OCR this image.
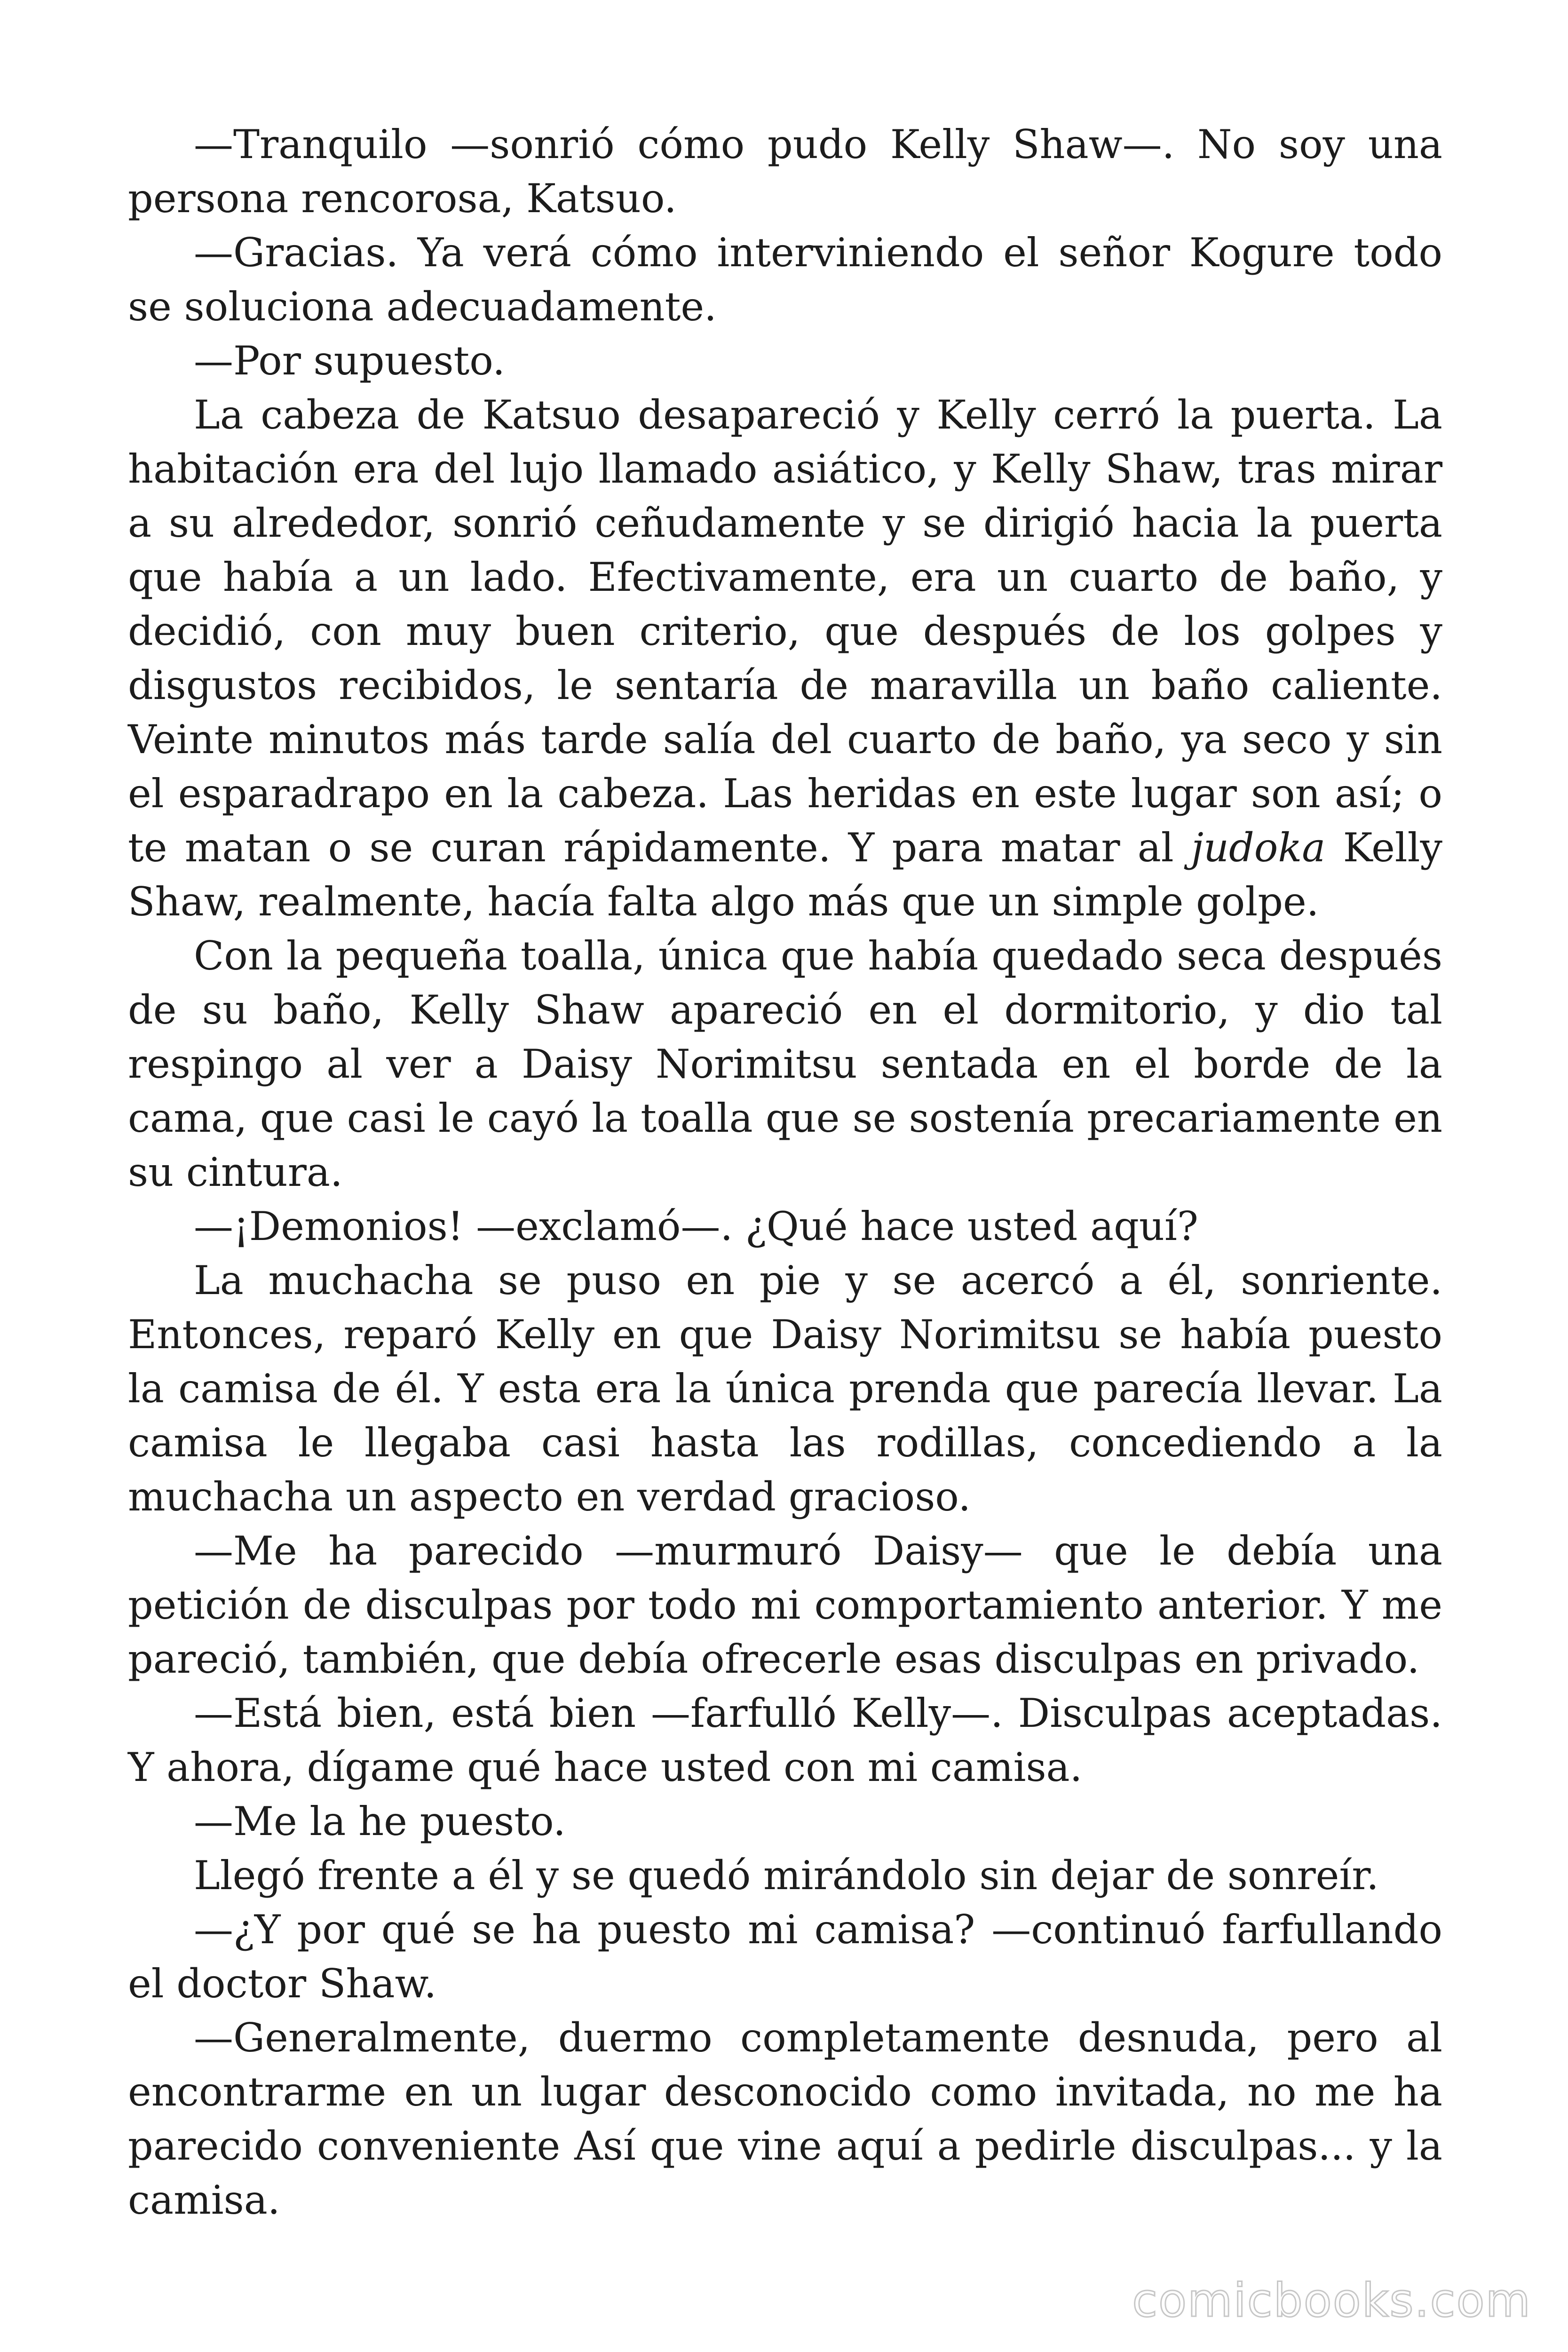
—Tranquilo —sonrió cómo pudo Kelly Shaw—. No soy una persona rencorosa, Katsuo.

—Gracias. Ya verá cómo interviniendo el señor Kogure todo se soluciona adecuadamente.

—Por supuesto.

La cabeza de Katsuo desapareció y Kelly cerró la puerta. La habitación era del lujo llamado asiático, y Kelly Shaw, tras mirar a su alrededor, sonrió ceñudamente y se dirigió hacia la puerta que había a un lado. Efectivamente, era un cuarto de baño, y decidió, con muy buen criterio, que después de los golpes y disgustos recibidos, le sentaría de maravilla un baño caliente. Veinte minutos más tarde salía del cuarto de baño, ya seco y sin el esparadrapo en la cabeza. Las heridas en este lugar son así; o te matan o se curan rápidamente. Y para matar al judoka Kelly Shaw, realmente, hacía falta algo más que un simple golpe.

Con la pequeña toalla, única que había quedado seca después de su baño, Kelly Shaw apareció en el dormitorio, y dio tal respingo al ver a Daisy Norimitsu sentada en el borde de la cama, que casi le cayó la toalla que se sostenía precariamente en su cintura.

—¡Demonios! —exclamó—. ¿Qué hace usted aquí?

La muchacha se puso en pie y se acercó a él, sonriente. Entonces, reparó Kelly en que Daisy Norimitsu se había puesto la camisa de él. Y esta era la única prenda que parecía llevar. La camisa le llegaba casi hasta las rodillas, concediendo a la muchacha un aspecto en verdad gracioso.

—Me ha parecido —murmuró Daisy— que le debía una petición de disculpas por todo mi comportamiento anterior. Y me pareció, también, que debía ofrecerle esas disculpas en privado.

—Está bien, está bien —farfulló Kelly—. Disculpas aceptadas. Y ahora, dígame qué hace usted con mi camisa.

—Me la he puesto.

Llegó frente a él y se quedó mirándolo sin dejar de sonreír.

—¿Y por qué se ha puesto mi camisa? —continuó farfullando el doctor Shaw.

—Generalmente, duermo completamente desnuda, pero al encontrarme en un lugar desconocido como invitada, no me ha parecido conveniente Así que vine aquí a pedirle disculpas... y la camisa.

comicbooks.com
